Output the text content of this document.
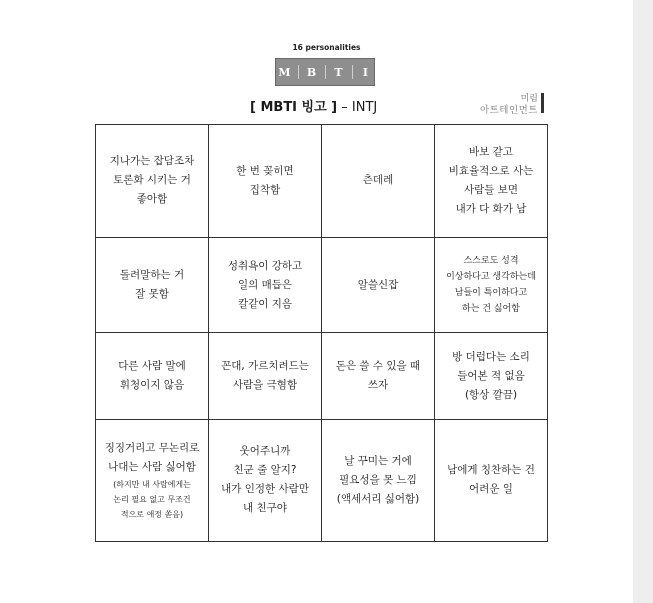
16 personalities
M B T	I
[ MBTI 빙고 ] – INTJ
미림
아트테인먼트
지나가는 잡담조차
토론화 시키는 거
좋아함	한 번 꽂히면
집착함	츤데레	바보 같고
비효율적으로 사는
사람들 보면
내가 다 화가 남

돌려말하는 거
잘 못함	성취욕이 강하고
일의 매듭은
칼같이 지음	알쓸신잡	스스로도 성격
이상하다고 생각하는데
남들이 특이하다고
하는 건 싫어함

다른 사람 말에
휘청이지 않음	꼰대, 가르치려드는
사람을 극혐함	돈은 쓸 수 있을 때
쓰자	방 더럽다는 소리
들어본 적 없음
(항상 깔끔)

징징거리고 무논리로
나대는 사람 싫어함
(하지만 내 사람에게는
논리 필요 없고 무조건
적으로 애정 쏟음)	웃어주니까
친군 줄 알지?
내가 인정한 사람만
내 친구야	날 꾸미는 거에
필요성을 못 느낌
(액세서리 싫어함)	남에게 칭찬하는 건
어려운 일
